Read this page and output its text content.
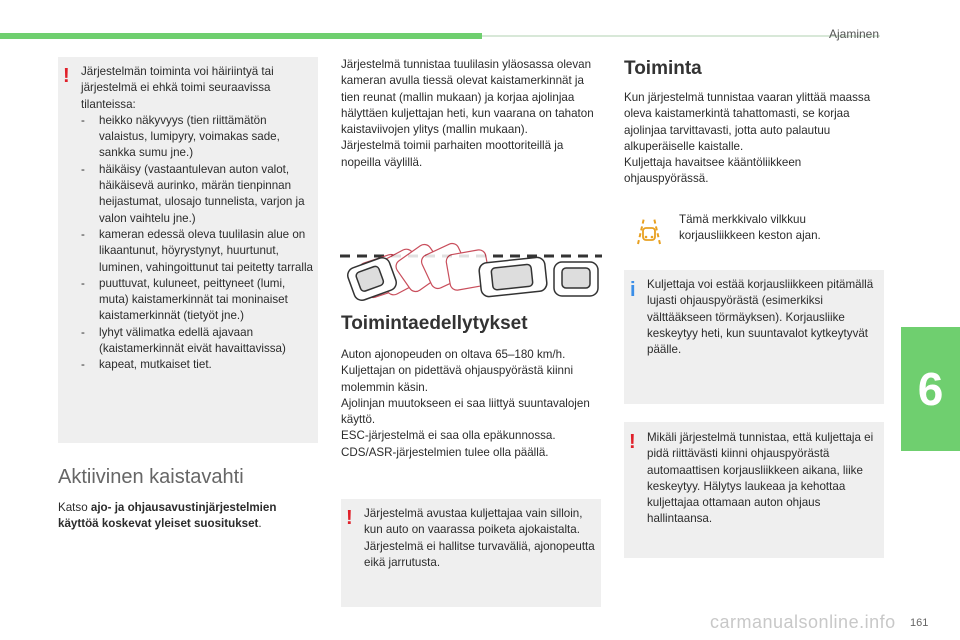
Ajaminen
6
! Järjestelmän toiminta voi häiriintyä tai järjestelmä ei ehkä toimi seuraavissa tilanteissa:
- heikko näkyvyys (tien riittämätön valaistus, lumipyry, voimakas sade, sankka sumu jne.)
- häikäisy (vastaantulevan auton valot, häikäisevä aurinko, märän tienpinnan heijastumat, ulosajo tunnelista, varjon ja valon vaihtelu jne.)
- kameran edessä oleva tuulilasin alue on likaantunut, höyrystynyt, huurtunut, luminen, vahingoittunut tai peitetty tarralla
- puuttuvat, kuluneet, peittyneet (lumi, muta) kaistamerkinnät tai moninaiset kaistamerkinnät (tietyöt jne.)
- lyhyt välimatka edellä ajavaan (kaistamerkinnät eivät havaittavissa)
- kapeat, mutkaiset tiet.
Aktiivinen kaistavahti
Katso ajo- ja ohjausavustinjärjestelmien käyttöä koskevat yleiset suositukset.
Järjestelmä tunnistaa tuulilasin yläosassa olevan kameran avulla tiessä olevat kaistamerkinnät ja tien reunat (mallin mukaan) ja korjaa ajolinjaa hälyttäen kuljettajan heti, kun vaarana on tahaton kaistaviivojen ylitys (mallin mukaan).
Järjestelmä toimii parhaiten moottoriteillä ja nopeilla väylillä.
Toimintaedellytykset
Auton ajonopeuden on oltava 65–180 km/h.
Kuljettajan on pidettävä ohjauspyörästä kiinni molemmin käsin.
Ajolinjan muutokseen ei saa liittyä suuntavalojen käyttö.
ESC-järjestelmä ei saa olla epäkunnossa.
CDS/ASR-järjestelmien tulee olla päällä.
! Järjestelmä avustaa kuljettajaa vain silloin, kun auto on vaarassa poiketa ajokaistalta. Järjestelmä ei hallitse turvaväliä, ajonopeutta eikä jarrutusta.
Toiminta
Kun järjestelmä tunnistaa vaaran ylittää maassa oleva kaistamerkintä tahattomasti, se korjaa ajolinjaa tarvittavasti, jotta auto palautuu alkuperäiselle kaistalle.
Kuljettaja havaitsee kääntöliikkeen ohjauspyörässä.
Tämä merkkivalo vilkkuu korjausliikkeen keston ajan.
i Kuljettaja voi estää korjausliikkeen pitämällä lujasti ohjauspyörästä (esimerkiksi välttääkseen törmäyksen). Korjausliike keskeytyy heti, kun suuntavalot kytkeytyvät päälle.
! Mikäli järjestelmä tunnistaa, että kuljettaja ei pidä riittävästi kiinni ohjauspyörästä automaattisen korjausliikkeen aikana, liike keskeytyy. Hälytys laukeaa ja kehottaa kuljettajaa ottamaan auton ohjaus hallintaansa.
carmanualsonline.info 161
